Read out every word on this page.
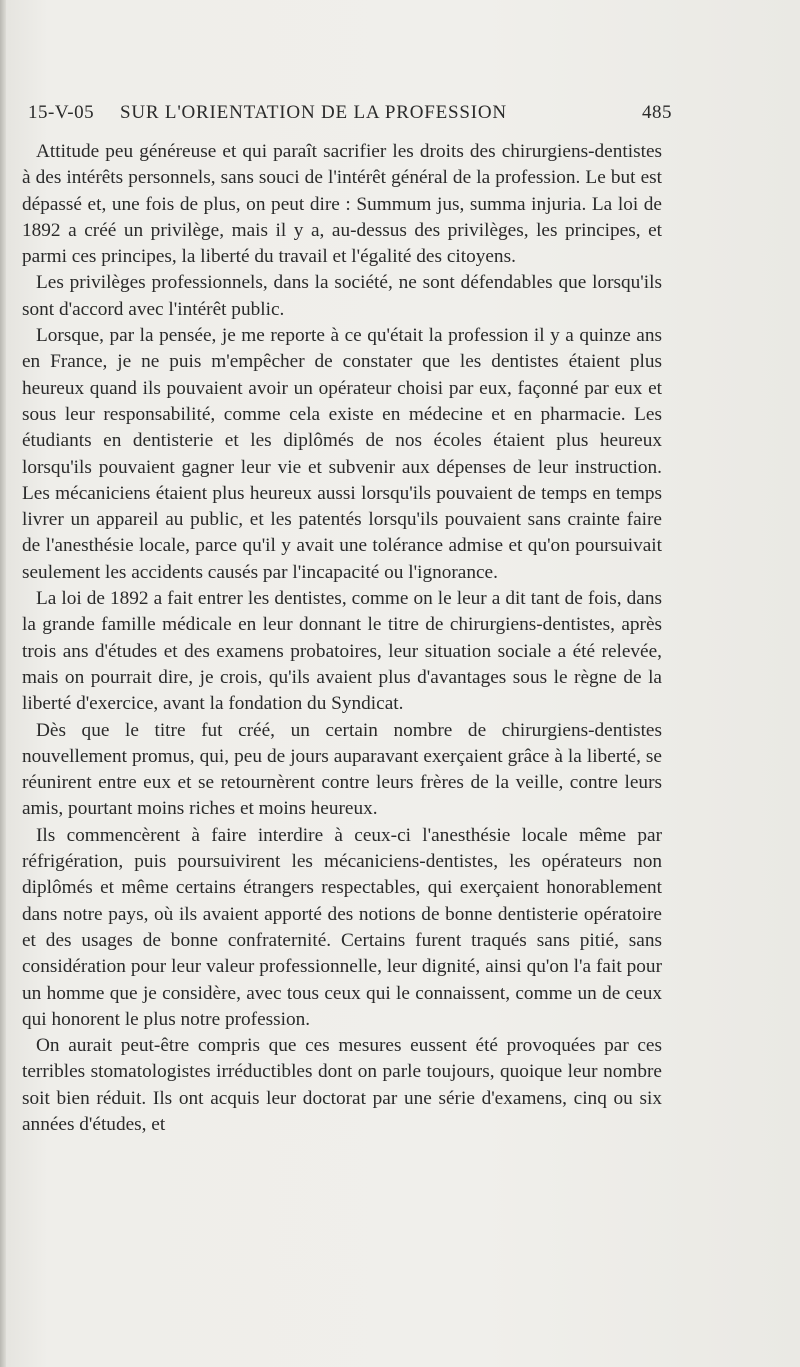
15-V-05 SUR L'ORIENTATION DE LA PROFESSION	485

Attitude peu généreuse et qui paraît sacrifier les droits des chirurgiens-dentistes à des intérêts personnels, sans souci de l'intérêt général de la profession. Le but est dépassé et, une fois de plus, on peut dire : Summum jus, summa injuria. La loi de 1892 a créé un privilège, mais il y a, au-dessus des privilèges, les principes, et parmi ces principes, la liberté du travail et l'égalité des citoyens.

Les privilèges professionnels, dans la société, ne sont défendables que lorsqu'ils sont d'accord avec l'intérêt public.

Lorsque, par la pensée, je me reporte à ce qu'était la profession il y a quinze ans en France, je ne puis m'empêcher de constater que les dentistes étaient plus heureux quand ils pouvaient avoir un opérateur choisi par eux, façonné par eux et sous leur responsabilité, comme cela existe en médecine et en pharmacie. Les étudiants en dentisterie et les diplômés de nos écoles étaient plus heureux lorsqu'ils pouvaient gagner leur vie et subvenir aux dépenses de leur instruction. Les mécaniciens étaient plus heureux aussi lorsqu'ils pouvaient de temps en temps livrer un appareil au public, et les patentés lorsqu'ils pouvaient sans crainte faire de l'anesthésie locale, parce qu'il y avait une tolérance admise et qu'on poursuivait seulement les accidents causés par l'incapacité ou l'ignorance.

La loi de 1892 a fait entrer les dentistes, comme on le leur a dit tant de fois, dans la grande famille médicale en leur donnant le titre de chirurgiens-dentistes, après trois ans d'études et des examens probatoires, leur situation sociale a été relevée, mais on pourrait dire, je crois, qu'ils avaient plus d'avantages sous le règne de la liberté d'exercice, avant la fondation du Syndicat.

Dès que le titre fut créé, un certain nombre de chirurgiens-dentistes nouvellement promus, qui, peu de jours auparavant exerçaient grâce à la liberté, se réunirent entre eux et se retournèrent contre leurs frères de la veille, contre leurs amis, pourtant moins riches et moins heureux.

Ils commencèrent à faire interdire à ceux-ci l'anesthésie locale même par réfrigération, puis poursuivirent les mécaniciens-dentistes, les opérateurs non diplômés et même certains étrangers respectables, qui exerçaient honorablement dans notre pays, où ils avaient apporté des notions de bonne dentisterie opératoire et des usages de bonne confraternité. Certains furent traqués sans pitié, sans considération pour leur valeur professionnelle, leur dignité, ainsi qu'on l'a fait pour un homme que je considère, avec tous ceux qui le connaissent, comme un de ceux qui honorent le plus notre profession.

On aurait peut-être compris que ces mesures eussent été provoquées par ces terribles stomatologistes irréductibles dont on parle toujours, quoique leur nombre soit bien réduit. Ils ont acquis leur doctorat par une série d'examens, cinq ou six années d'études, et
